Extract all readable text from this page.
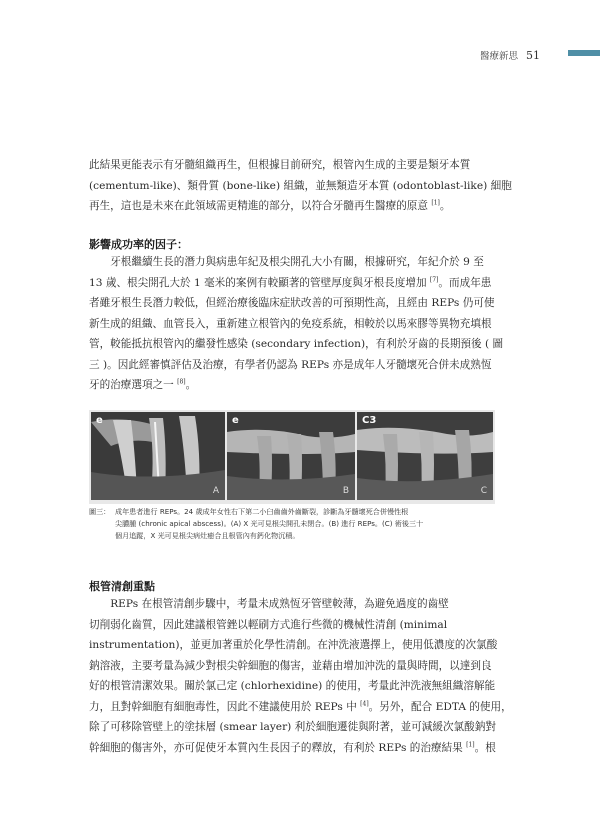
醫療新思 51
此結果更能表示有牙髓組織再生，但根據目前研究，根管內生成的主要是類牙本質
(cementum-like)、類骨質 (bone-like) 組織，並無類造牙本質 (odontoblast-like) 細胞
再生，這也是未來在此領域需更精進的部分，以符合牙髓再生醫療的原意 [1]。
影響成功率的因子：
牙根繼續生長的潛力與病患年紀及根尖開孔大小有關，根據研究，年紀介於 9 至
13 歲、根尖開孔大於 1 毫米的案例有較顯著的管壁厚度與牙根長度增加 [7]。而成年患
者雖牙根生長潛力較低，但經治療後臨床症狀改善的可預期性高，且經由 REPs 仍可使
新生成的組織、血管長入，重新建立根管內的免疫系統，相較於以馬來膠等異物充填根
管，較能抵抗根管內的繼發性感染 (secondary infection)，有利於牙齒的長期預後 ( 圖
三 )。因此經審慎評估及治療，有學者仍認為 REPs 亦是成年人牙髓壞死合併未成熟恆
牙的治療選項之一 [8]。
e
A
e
B
C3
C
圖三： 成年患者進行 REPs。24 歲成年女性右下第二小臼齒齒外齒斷裂，診斷為牙髓壞死合併慢性根
尖膿腫 (chronic apical abscess)。(A) X 光可見根尖開孔未閉合。(B) 進行 REPs。(C) 術後三十
個月追蹤，X 光可見根尖病灶癒合且根管內有鈣化物沉積。
根管清創重點
REPs 在根管清創步驟中，考量未成熟恆牙管壁較薄，為避免過度的齒壁
切削弱化齒質，因此建議根管銼以輕刷方式進行些微的機械性清創 (minimal
instrumentation)，並更加著重於化學性清創。在沖洗液選擇上，使用低濃度的次氯酸
鈉溶液，主要考量為減少對根尖幹細胞的傷害，並藉由增加沖洗的量與時間，以達到良
好的根管清潔效果。關於氯己定 (chlorhexidine) 的使用，考量此沖洗液無組織溶解能
力，且對幹細胞有細胞毒性，因此不建議使用於 REPs 中 [4]。另外，配合 EDTA 的使用，
除了可移除管壁上的塗抹層 (smear layer) 利於細胞遷徙與附著，並可減緩次氯酸鈉對
幹細胞的傷害外，亦可促使牙本質內生長因子的釋放，有利於 REPs 的治療結果 [1]。根
